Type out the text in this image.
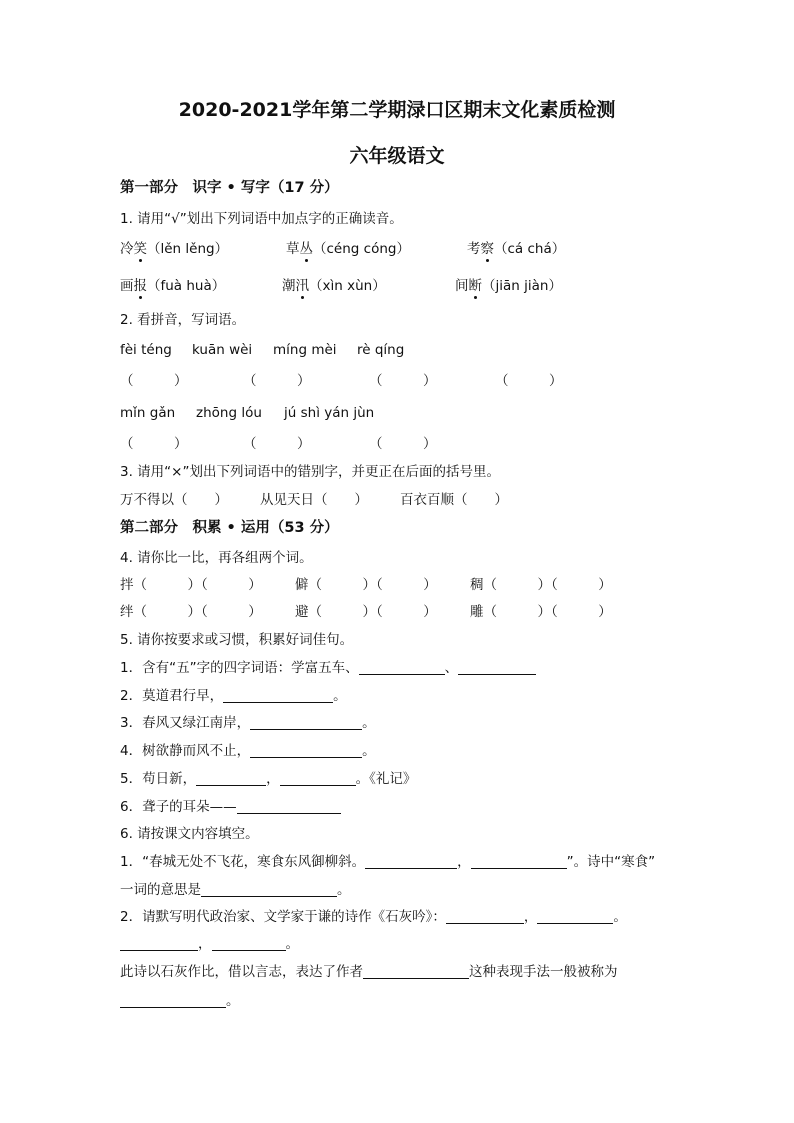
2020-2021学年第二学期渌口区期末文化素质检测
六年级语文
第一部分　识字 • 写字（17 分）
1. 请用“√”划出下列词语中加点字的正确读音。
冷笑（lěn lěng）	草丛（céng cóng）	考察（cá chá）
画报（fuà huà）	潮汛（xìn xùn）	间断（jiān jiàn）
2. 看拼音，写词语。
fèi téng kuān wèi míng mèi rè qíng
（　　　）	（　　　）	（　　　）	（　　　）
mǐn gǎn zhōng lóu jú shì yán jùn
（　　　）	（　　　）	（　　　）
3. 请用“×”划出下列词语中的错别字，并更正在后面的括号里。
万不得以（　　） 从见天日（　　） 百衣百顺（　　）
第二部分　积累 • 运用（53 分）
4. 请你比一比，再各组两个词。
拌（　　　）（　　　） 僻（　　　）（　　　） 稠（　　　）（　　　）
绊（　　　）（　　　） 避（　　　）（　　　） 雕（　　　）（　　　）
5. 请你按要求或习惯，积累好词佳句。
1．含有“五”字的四字词语：学富五车、	、
2．莫道君行早，	。
3．春风又绿江南岸，	。
4．树欲静而风不止，	。
5．苟日新，	，	。《礼记》
6．聋子的耳朵——
6. 请按课文内容填空。
1．“春城无处不飞花，寒食东风御柳斜。	，	”。诗中“寒食”
一词的意思是	。
2．请默写明代政治家、文学家于谦的诗作《石灰吟》：	，	。
，	。
此诗以石灰作比，借以言志，表达了作者	这种表现手法一般被称为
。
